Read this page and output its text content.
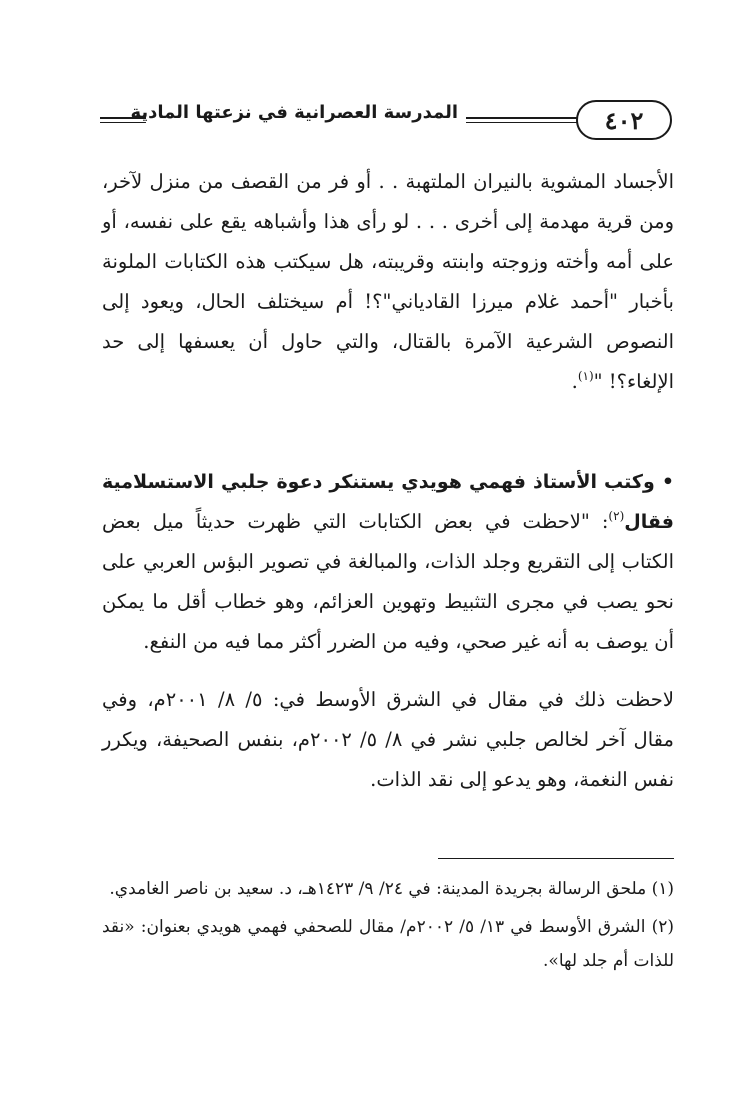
٤٠٢
المدرسة العصرانية في نزعتها المادية

الأجساد المشوية بالنيران الملتهبة . . أو فر من القصف من منزل لآخر، ومن قرية مهدمة إلى أخرى . . . لو رأى هذا وأشباهه يقع على نفسه، أو على أمه وأخته وزوجته وابنته وقريبته، هل سيكتب هذه الكتابات الملونة بأخبار "أحمد غلام ميرزا القادياني"؟! أم سيختلف الحال، ويعود إلى النصوص الشرعية الآمرة بالقتال، والتي حاول أن يعسفها إلى حد الإلغاء؟! "$^{(١)}$.

• وكتب الأستاذ فهمي هويدي يستنكر دعوة جلبي الاستسلامية فقال$^{(٢)}$: "لاحظت في بعض الكتابات التي ظهرت حديثاً ميل بعض الكتاب إلى التقريع وجلد الذات، والمبالغة في تصوير البؤس العربي على نحو يصب في مجرى التثبيط وتهوين العزائم، وهو خطاب أقل ما يمكن أن يوصف به أنه غير صحي، وفيه من الضرر أكثر مما فيه من النفع.

لاحظت ذلك في مقال في الشرق الأوسط في: ٥/ ٨/ ٢٠٠١م، وفي مقال آخر لخالص جلبي نشر في ٨/ ٥/ ٢٠٠٢م، بنفس الصحيفة، ويكرر نفس النغمة، وهو يدعو إلى نقد الذات.

(١) ملحق الرسالة بجريدة المدينة: في ٢٤/ ٩/ ١٤٢٣هـ، د. سعيد بن ناصر الغامدي.

(٢) الشرق الأوسط في ١٣/ ٥/ ٢٠٠٢م/ مقال للصحفي فهمي هويدي بعنوان: «نقد للذات أم جلد لها».
